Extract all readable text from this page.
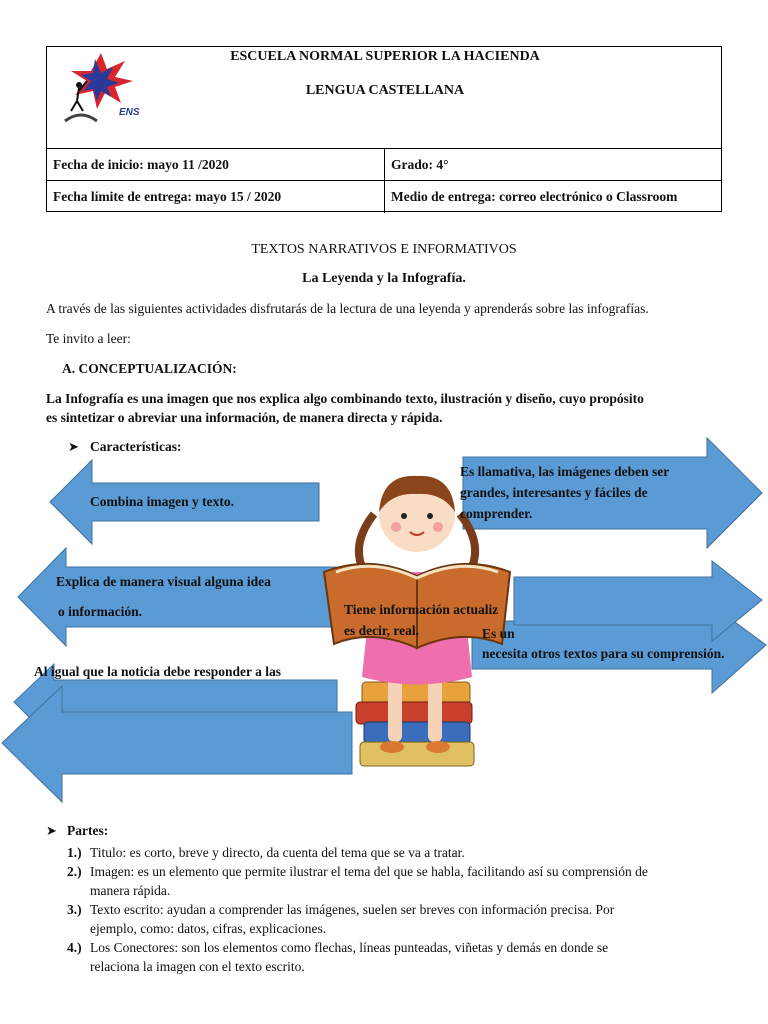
ENS
ESCUELA NORMAL SUPERIOR LA HACIENDA
LENGUA CASTELLANA
Fecha de inicio: mayo 11 /2020	Grado: 4°
Fecha límite de entrega: mayo 15 / 2020	Medio de entrega: correo electrónico o Classroom
TEXTOS NARRATIVOS E INFORMATIVOS
La Leyenda y la Infografía.
A través de las siguientes actividades disfrutarás de la lectura de una leyenda y aprenderás sobre las infografías.
Te invito a leer:
A. CONCEPTUALIZACIÓN:
La Infografía es una imagen que nos explica algo combinando texto, ilustración y diseño, cuyo propósito
es sintetizar o abreviar una información, de manera directa y rápida.
➤ Características:
Combina imagen y texto.
Explica de manera visual alguna idea
o información.
Al igual que la noticia debe responder a las
Es llamativa, las imágenes deben ser
grandes, interesantes y fáciles de
comprender.
Tiene información actualiz
es decir, real.	Es un
necesita otros textos para su comprensión.
➤ Partes:
1.) Titulo: es corto, breve y directo, da cuenta del tema que se va a tratar.
2.) Imagen: es un elemento que permite ilustrar el tema del que se habla, facilitando así su comprensión de
manera rápida.
3.) Texto escrito: ayudan a comprender las imágenes, suelen ser breves con información precisa. Por
ejemplo, como: datos, cifras, explicaciones.
4.) Los Conectores: son los elementos como flechas, líneas punteadas, viñetas y demás en donde se
relaciona la imagen con el texto escrito.
